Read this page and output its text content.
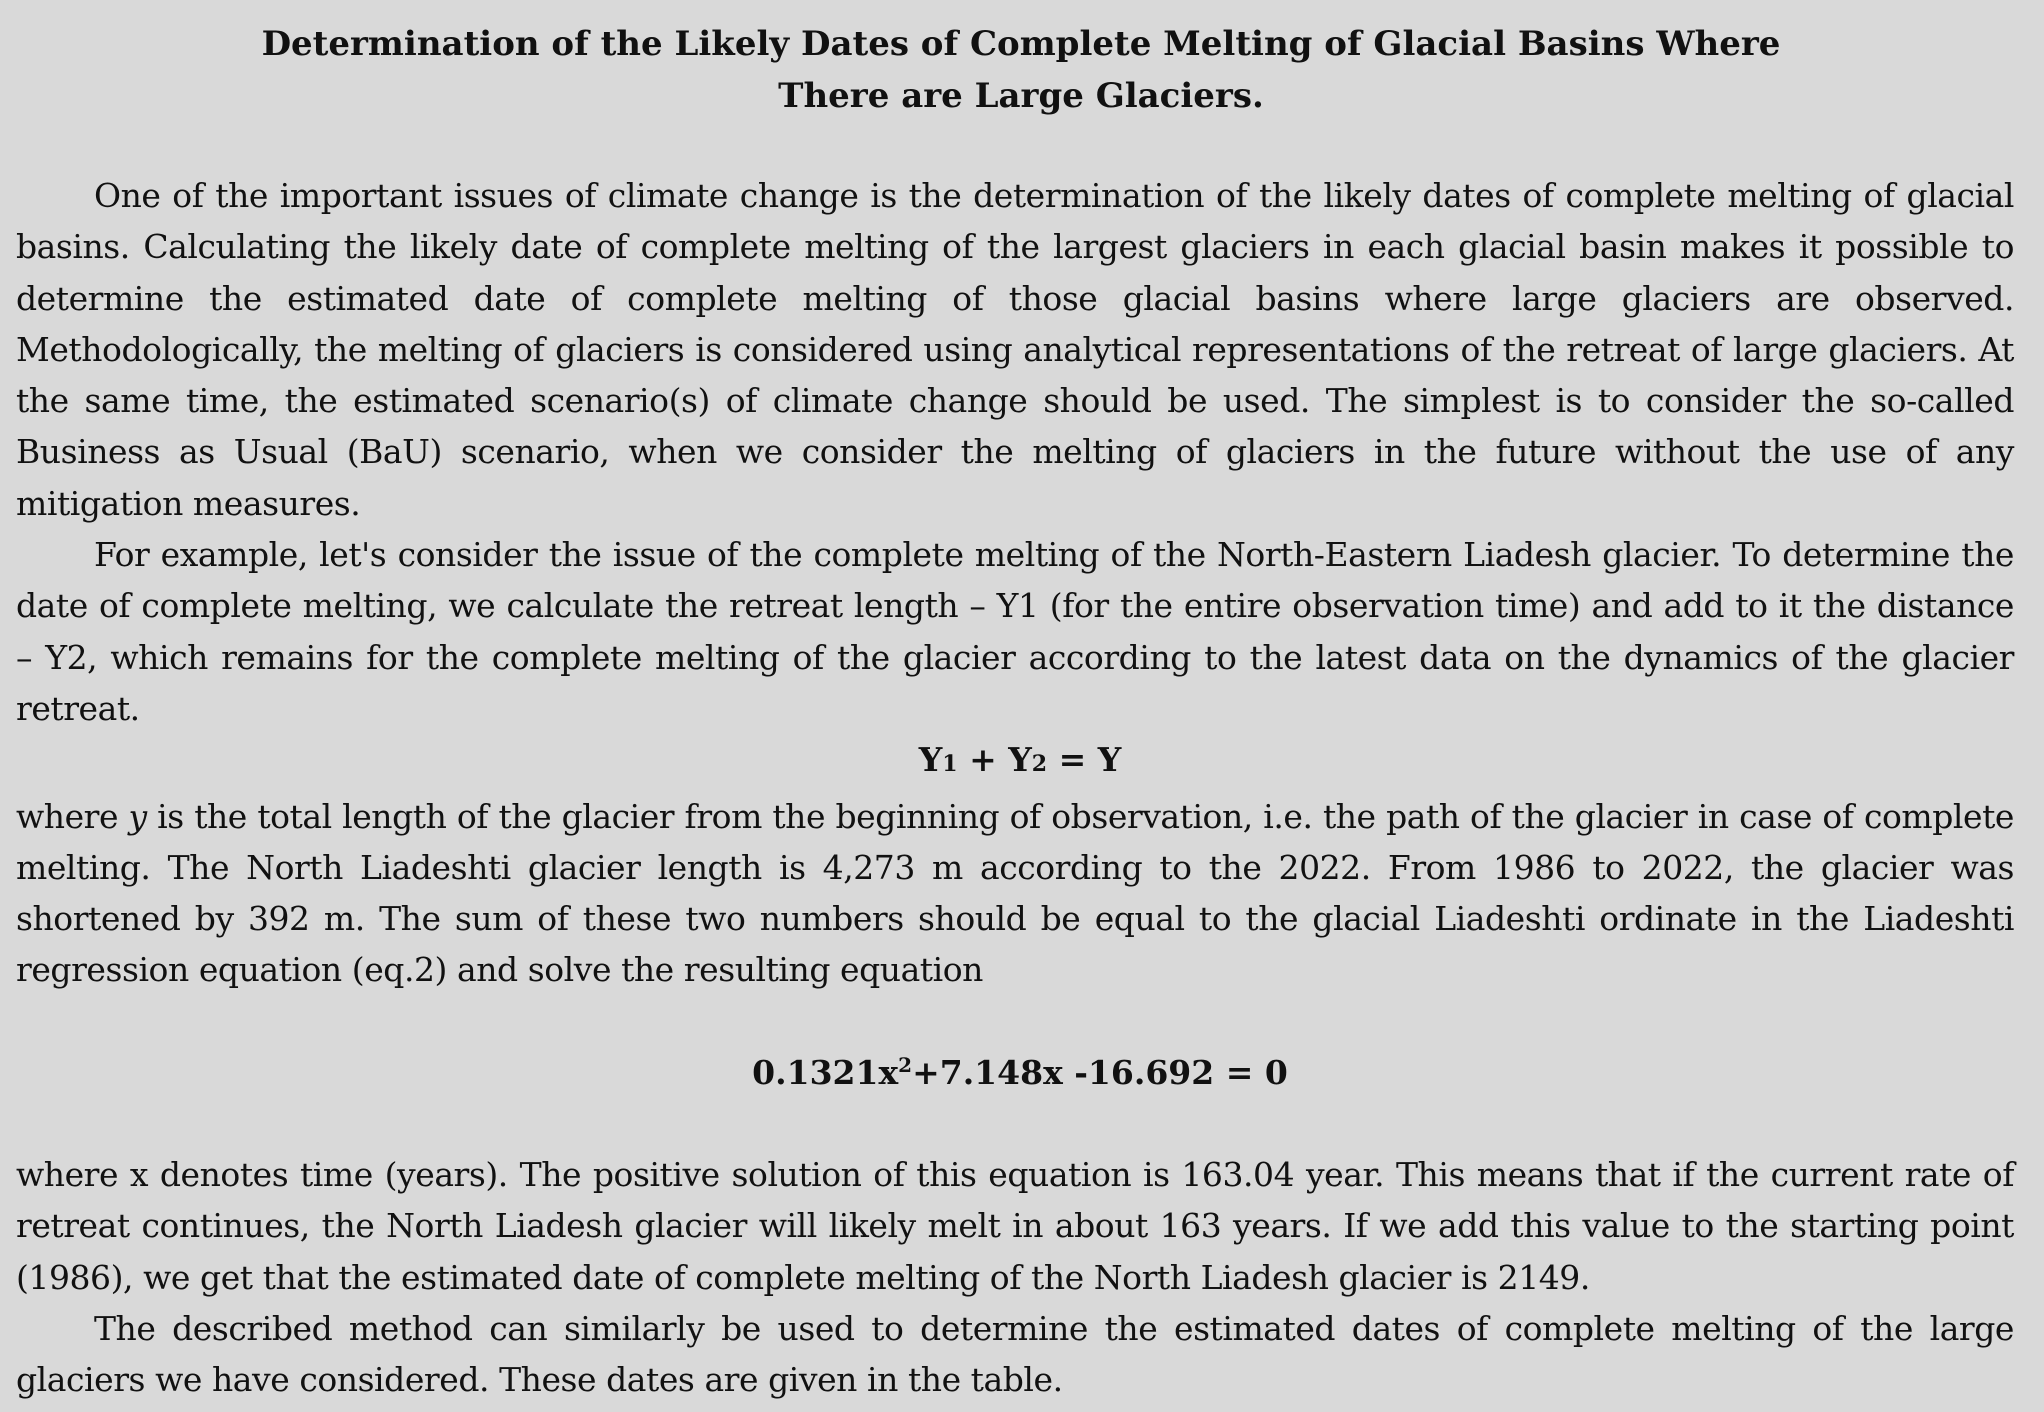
Determination of the Likely Dates of Complete Melting of Glacial Basins Where
There are Large Glaciers.

One of the important issues of climate change is the determination of the likely dates of complete melting of glacial basins. Calculating the likely date of complete melting of the largest glaciers in each glacial basin makes it possible to determine the estimated date of complete melting of those glacial basins where large glaciers are observed. Methodologically, the melting of glaciers is considered using analytical representations of the retreat of large glaciers. At the same time, the estimated scenario(s) of climate change should be used. The simplest is to consider the so-called Business as Usual (BaU) scenario, when we consider the melting of glaciers in the future without the use of any mitigation measures.

For example, let's consider the issue of the complete melting of the North-Eastern Liadesh glacier. To determine the date of complete melting, we calculate the retreat length – Y1 (for the entire observation time) and add to it the distance – Y2, which remains for the complete melting of the glacier according to the latest data on the dynamics of the glacier retreat.

Y1 + Y2 = Y

where y is the total length of the glacier from the beginning of observation, i.e. the path of the glacier in case of complete melting. The North Liadeshti glacier length is 4,273 m according to the 2022. From 1986 to 2022, the glacier was shortened by 392 m. The sum of these two numbers should be equal to the glacial Liadeshti ordinate in the Liadeshti regression equation (eq.2) and solve the resulting equation

$0.1321x^2+7.148x$ -16.692 = 0

where x denotes time (years). The positive solution of this equation is 163.04 year. This means that if the current rate of retreat continues, the North Liadesh glacier will likely melt in about 163 years. If we add this value to the starting point (1986), we get that the estimated date of complete melting of the North Liadesh glacier is 2149.

The described method can similarly be used to determine the estimated dates of complete melting of the large glaciers we have considered. These dates are given in the table.
